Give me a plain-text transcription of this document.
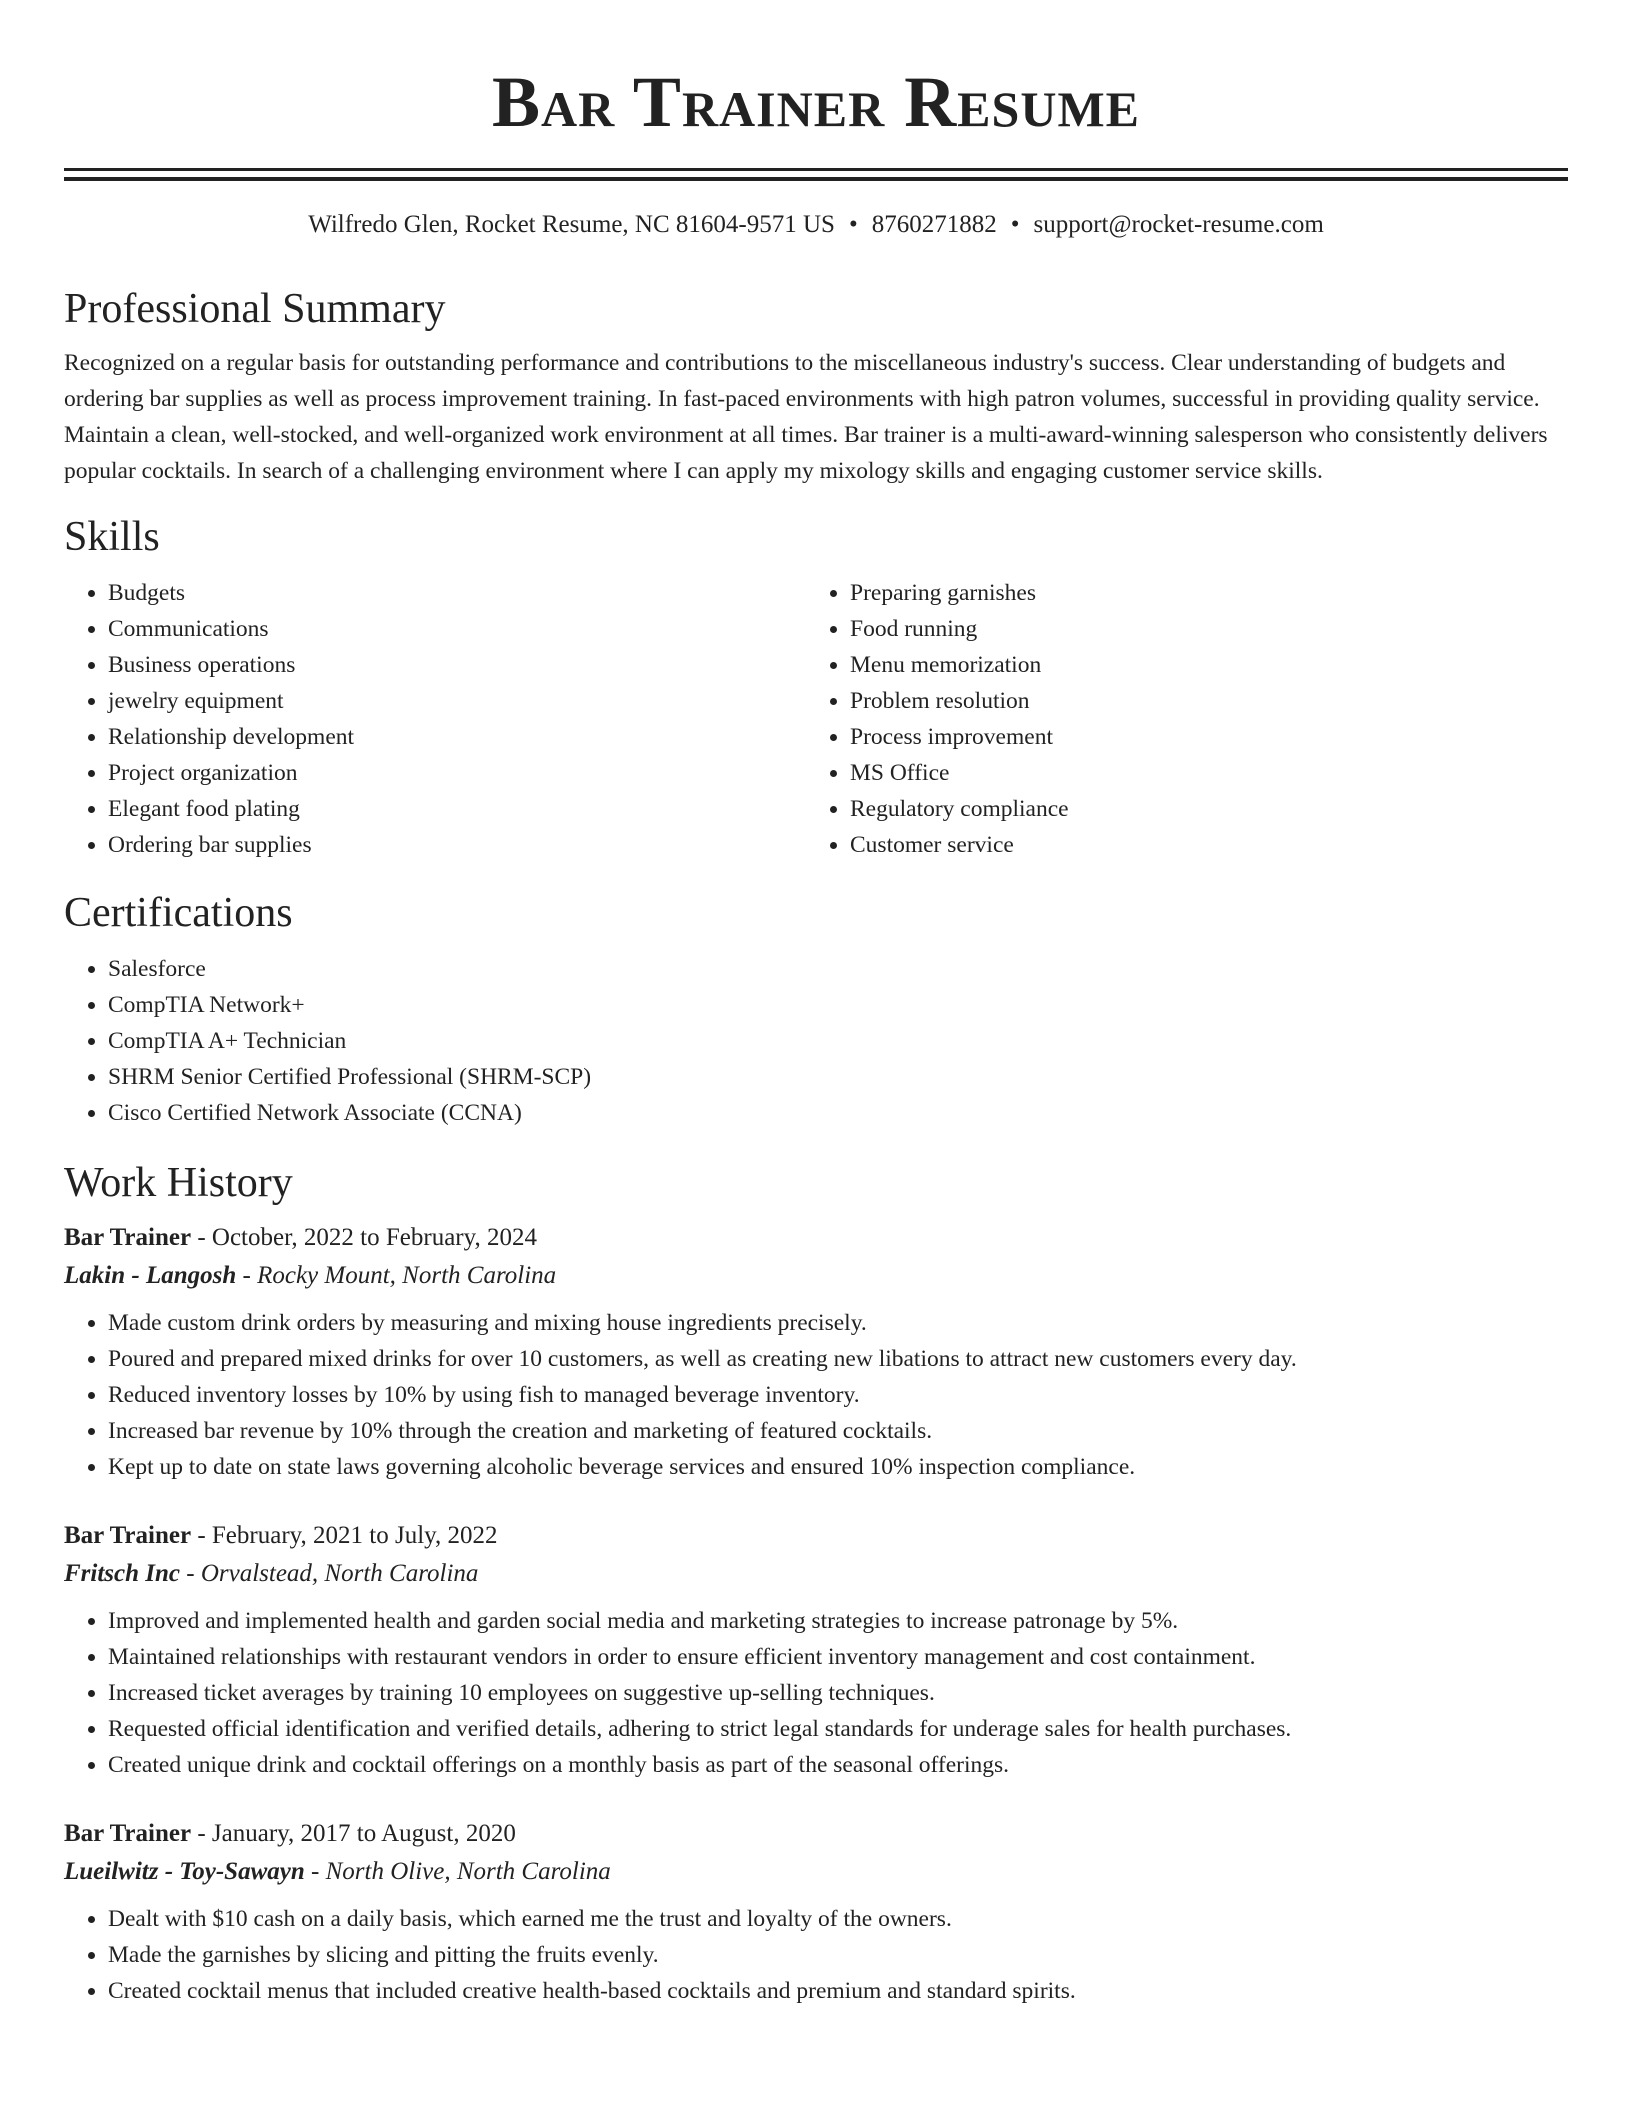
Bar Trainer Resume
Wilfredo Glen, Rocket Resume, NC 81604-9571 US • 8760271882 • support@rocket-resume.com
Professional Summary

Recognized on a regular basis for outstanding performance and contributions to the miscellaneous industry's success. Clear understanding of budgets and ordering bar supplies as well as process improvement training. In fast-paced environments with high patron volumes, successful in providing quality service. Maintain a clean, well-stocked, and well-organized work environment at all times. Bar trainer is a multi-award-winning salesperson who consistently delivers popular cocktails. In search of a challenging environment where I can apply my mixology skills and engaging customer service skills.

Skills
• Budgets
• Communications
• Business operations
• jewelry equipment
• Relationship development
• Project organization
• Elegant food plating
• Ordering bar supplies
• Preparing garnishes
• Food running
• Menu memorization
• Problem resolution
• Process improvement
• MS Office
• Regulatory compliance
• Customer service
Certifications
• Salesforce
• CompTIA Network+
• CompTIA A+ Technician
• SHRM Senior Certified Professional (SHRM-SCP)
• Cisco Certified Network Associate (CCNA)
Work History
Bar Trainer - October, 2022 to February, 2024
Lakin - Langosh - Rocky Mount, North Carolina
• Made custom drink orders by measuring and mixing house ingredients precisely.
• Poured and prepared mixed drinks for over 10 customers, as well as creating new libations to attract new customers every day.
• Reduced inventory losses by 10% by using fish to managed beverage inventory.
• Increased bar revenue by 10% through the creation and marketing of featured cocktails.
• Kept up to date on state laws governing alcoholic beverage services and ensured 10% inspection compliance.
Bar Trainer - February, 2021 to July, 2022
Fritsch Inc - Orvalstead, North Carolina
• Improved and implemented health and garden social media and marketing strategies to increase patronage by 5%.
• Maintained relationships with restaurant vendors in order to ensure efficient inventory management and cost containment.
• Increased ticket averages by training 10 employees on suggestive up-selling techniques.
• Requested official identification and verified details, adhering to strict legal standards for underage sales for health purchases.
• Created unique drink and cocktail offerings on a monthly basis as part of the seasonal offerings.
Bar Trainer - January, 2017 to August, 2020
Lueilwitz - Toy-Sawayn - North Olive, North Carolina
• Dealt with $10 cash on a daily basis, which earned me the trust and loyalty of the owners.
• Made the garnishes by slicing and pitting the fruits evenly.
• Created cocktail menus that included creative health-based cocktails and premium and standard spirits.
